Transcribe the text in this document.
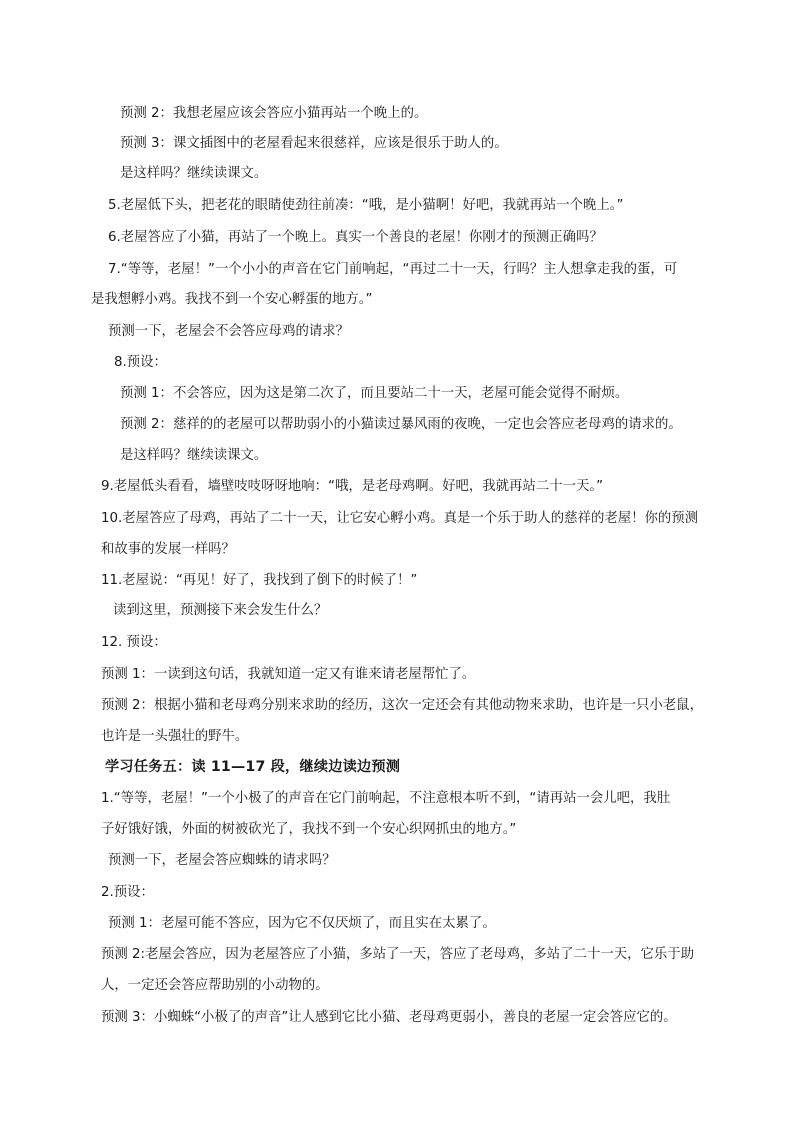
预测 2：我想老屋应该会答应小猫再站一个晚上的。

预测 3：课文插图中的老屋看起来很慈祥，应该是很乐于助人的。

是这样吗？继续读课文。

5.老屋低下头，把老花的眼睛使劲往前凑：“哦，是小猫啊！好吧，我就再站一个晚上。”

6.老屋答应了小猫，再站了一个晚上。真实一个善良的老屋！你刚才的预测正确吗？

7.“等等，老屋！”一个小小的声音在它门前响起，“再过二十一天，行吗？主人想拿走我的蛋，可

是我想孵小鸡。我找不到一个安心孵蛋的地方。”

预测一下，老屋会不会答应母鸡的请求？

8.预设：

预测 1：不会答应，因为这是第二次了，而且要站二十一天，老屋可能会觉得不耐烦。

预测 2：慈祥的的老屋可以帮助弱小的小猫读过暴风雨的夜晚，一定也会答应老母鸡的请求的。

是这样吗？继续读课文。

9.老屋低头看看，墙壁吱吱呀呀地响：“哦，是老母鸡啊。好吧，我就再站二十一天。”

10.老屋答应了母鸡，再站了二十一天，让它安心孵小鸡。真是一个乐于助人的慈祥的老屋！你的预测

和故事的发展一样吗？

11.老屋说：“再见！好了，我找到了倒下的时候了！”

读到这里，预测接下来会发生什么？

12. 预设：

预测 1：一读到这句话，我就知道一定又有谁来请老屋帮忙了。

预测 2：根据小猫和老母鸡分别来求助的经历，这次一定还会有其他动物来求助，也许是一只小老鼠，

也许是一头强壮的野牛。

学习任务五：读 11—17 段，继续边读边预测

1.“等等，老屋！”一个小极了的声音在它门前响起，不注意根本听不到，“请再站一会儿吧，我肚

子好饿好饿，外面的树被砍光了，我找不到一个安心织网抓虫的地方。”

预测一下，老屋会答应蜘蛛的请求吗？

2.预设：

预测 1：老屋可能不答应，因为它不仅厌烦了，而且实在太累了。

预测 2:老屋会答应，因为老屋答应了小猫，多站了一天，答应了老母鸡，多站了二十一天，它乐于助

人，一定还会答应帮助别的小动物的。

预测 3：小蜘蛛“小极了的声音”让人感到它比小猫、老母鸡更弱小，善良的老屋一定会答应它的。
